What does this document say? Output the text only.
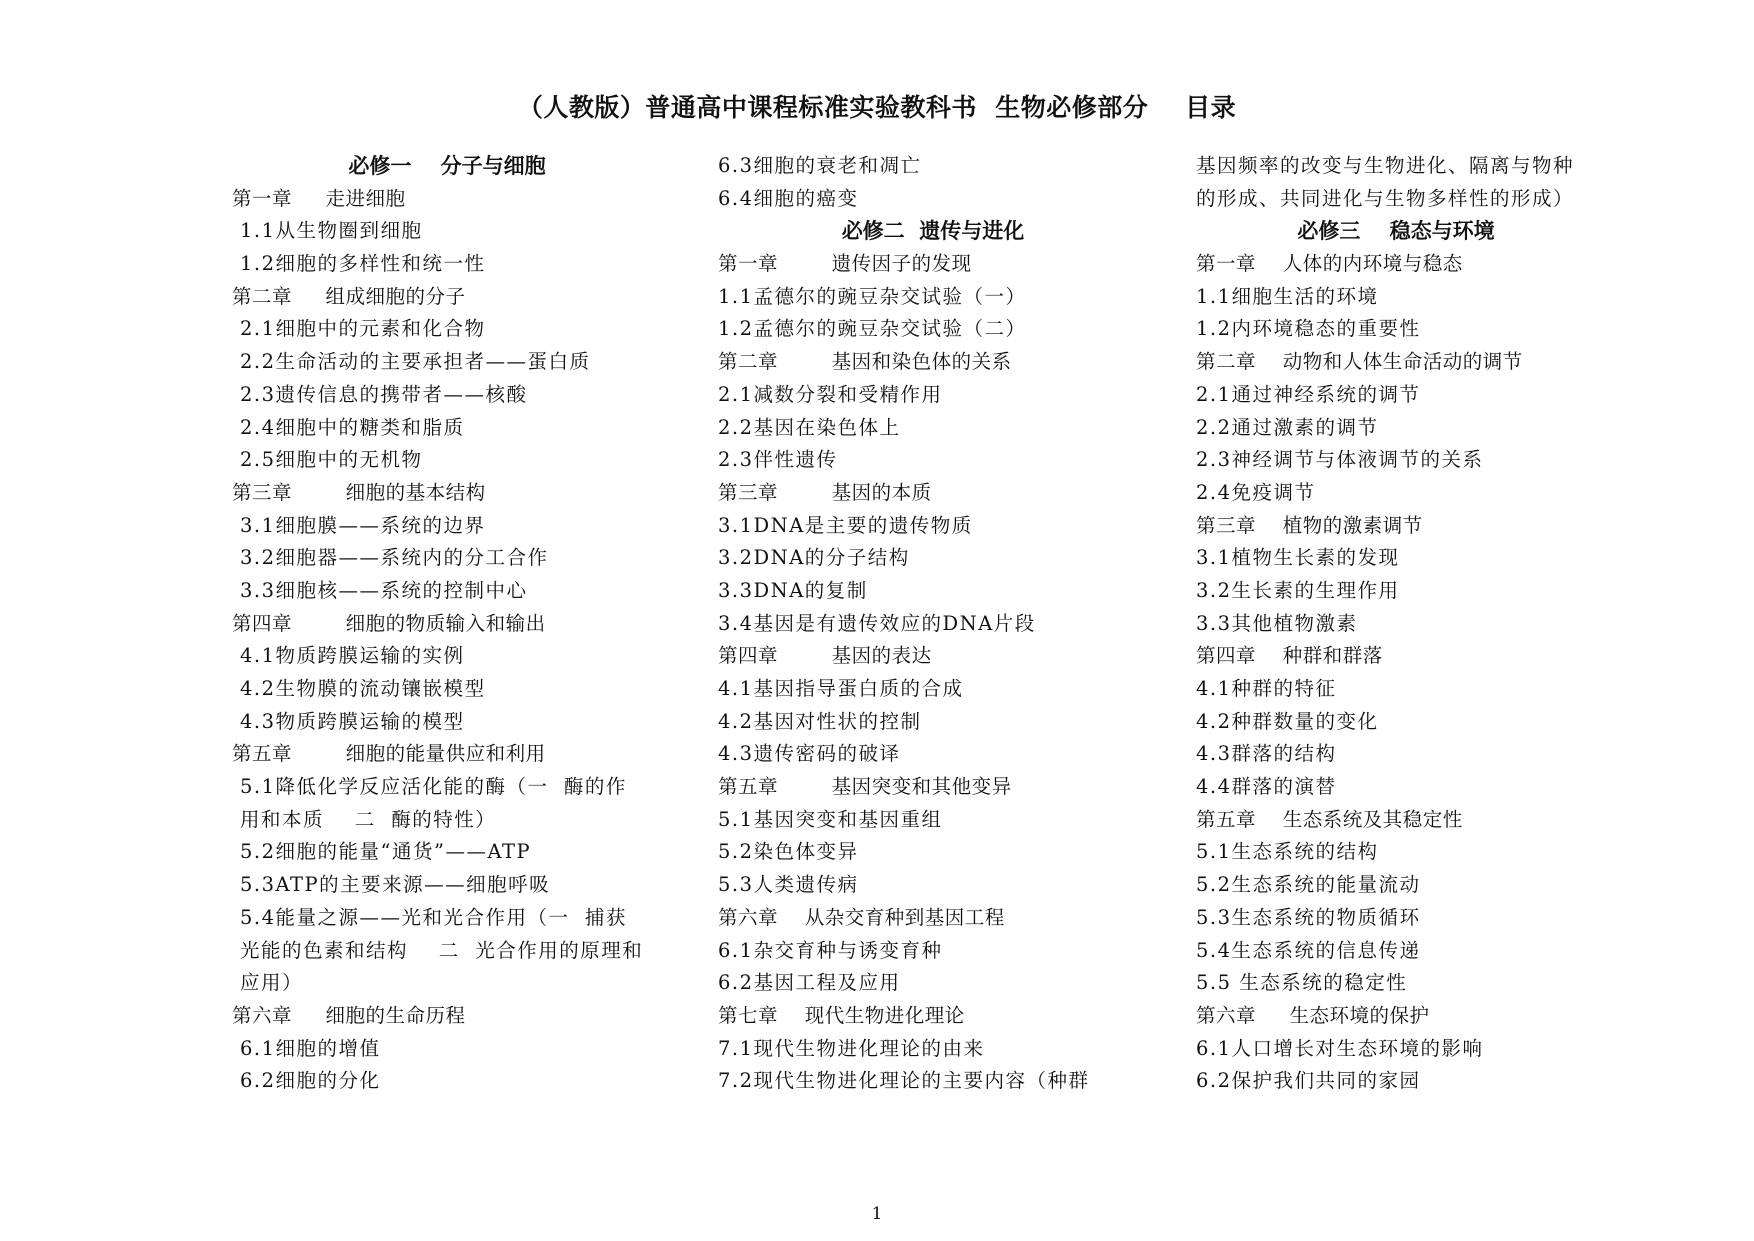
（人教版）普通高中课程标准实验教科书  生物必修部分    目录
必修一    分子与细胞
第一章     走进细胞
1.1从生物圈到细胞
1.2细胞的多样性和统一性
第二章     组成细胞的分子
2.1细胞中的元素和化合物
2.2生命活动的主要承担者——蛋白质
2.3遗传信息的携带者——核酸
2.4细胞中的糖类和脂质
2.5细胞中的无机物
第三章        细胞的基本结构
3.1细胞膜——系统的边界
3.2细胞器——系统内的分工合作
3.3细胞核——系统的控制中心
第四章        细胞的物质输入和输出
4.1物质跨膜运输的实例
4.2生物膜的流动镶嵌模型
4.3物质跨膜运输的模型
第五章        细胞的能量供应和利用
5.1降低化学反应活化能的酶（一  酶的作
用和本质    二  酶的特性）
5.2细胞的能量“通货”——ATP
5.3ATP的主要来源——细胞呼吸
5.4能量之源——光和光合作用（一  捕获
光能的色素和结构    二  光合作用的原理和
应用）
第六章     细胞的生命历程
6.1细胞的增值
6.2细胞的分化
6.3细胞的衰老和凋亡
6.4细胞的癌变
必修二  遗传与进化
第一章        遗传因子的发现
1.1孟德尔的豌豆杂交试验（一）
1.2孟德尔的豌豆杂交试验（二）
第二章        基因和染色体的关系
2.1减数分裂和受精作用
2.2基因在染色体上
2.3伴性遗传
第三章        基因的本质
3.1DNA是主要的遗传物质
3.2DNA的分子结构
3.3DNA的复制
3.4基因是有遗传效应的DNA片段
第四章        基因的表达
4.1基因指导蛋白质的合成
4.2基因对性状的控制
4.3遗传密码的破译
第五章        基因突变和其他变异
5.1基因突变和基因重组
5.2染色体变异
5.3人类遗传病
第六章    从杂交育种到基因工程
6.1杂交育种与诱变育种
6.2基因工程及应用
第七章    现代生物进化理论
7.1现代生物进化理论的由来
7.2现代生物进化理论的主要内容（种群
基因频率的改变与生物进化、隔离与物种
的形成、共同进化与生物多样性的形成）
必修三    稳态与环境
第一章    人体的内环境与稳态
1.1细胞生活的环境
1.2内环境稳态的重要性
第二章    动物和人体生命活动的调节
2.1通过神经系统的调节
2.2通过激素的调节
2.3神经调节与体液调节的关系
2.4免疫调节
第三章    植物的激素调节
3.1植物生长素的发现
3.2生长素的生理作用
3.3其他植物激素
第四章    种群和群落
4.1种群的特征
4.2种群数量的变化
4.3群落的结构
4.4群落的演替
第五章    生态系统及其稳定性
5.1生态系统的结构
5.2生态系统的能量流动
5.3生态系统的物质循环
5.4生态系统的信息传递
5.5 生态系统的稳定性
第六章     生态环境的保护
6.1人口增长对生态环境的影响
6.2保护我们共同的家园
1
